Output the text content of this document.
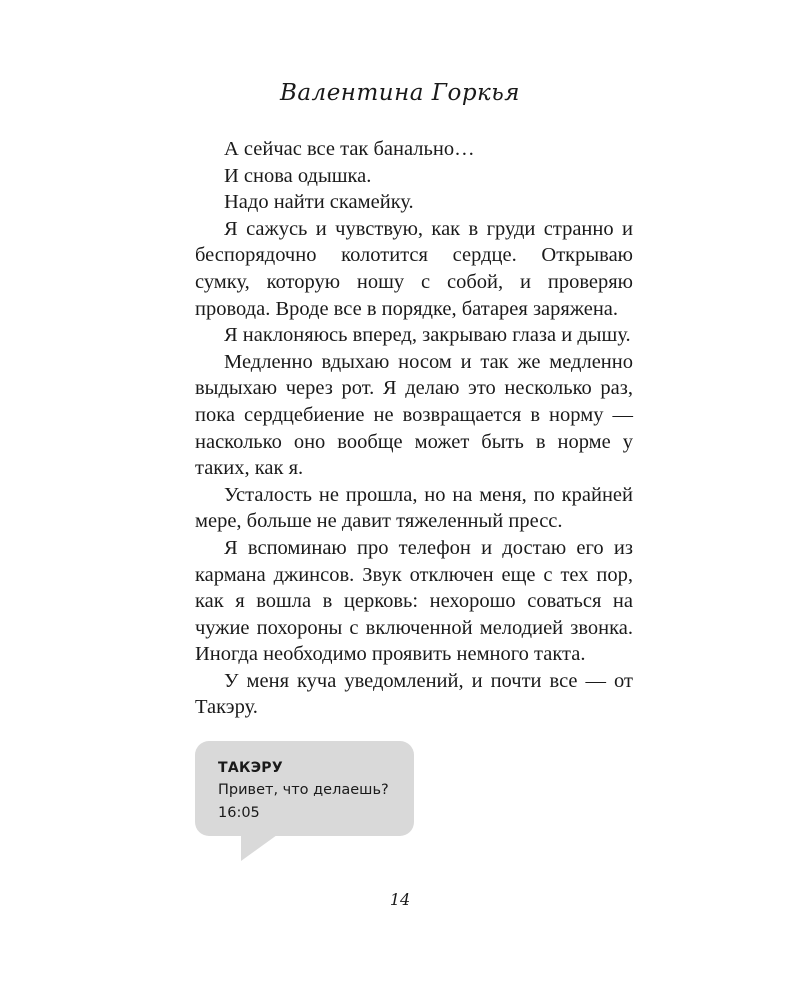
Валентина Горкья

А сейчас все так банально…

И снова одышка.

Надо найти скамейку.

Я сажусь и чувствую, как в груди странно и беспорядочно колотится сердце. Открываю сумку, которую ношу с собой, и проверяю провода. Вроде все в порядке, батарея заряжена.

Я наклоняюсь вперед, закрываю глаза и дышу.

Медленно вдыхаю носом и так же медленно выдыхаю через рот. Я делаю это несколько раз, пока сердцебиение не возвращается в норму — насколько оно вообще может быть в норме у таких, как я.

Усталость не прошла, но на меня, по крайней мере, больше не давит тяжеленный пресс.

Я вспоминаю про телефон и достаю его из кармана джинсов. Звук отключен еще с тех пор, как я вошла в церковь: нехорошо соваться на чужие похороны с включенной мелодией звонка. Иногда необходимо проявить немного такта.

У меня куча уведомлений, и почти все — от Такэру.

ТАКЭРУ
Привет, что делаешь?
16:05
14
